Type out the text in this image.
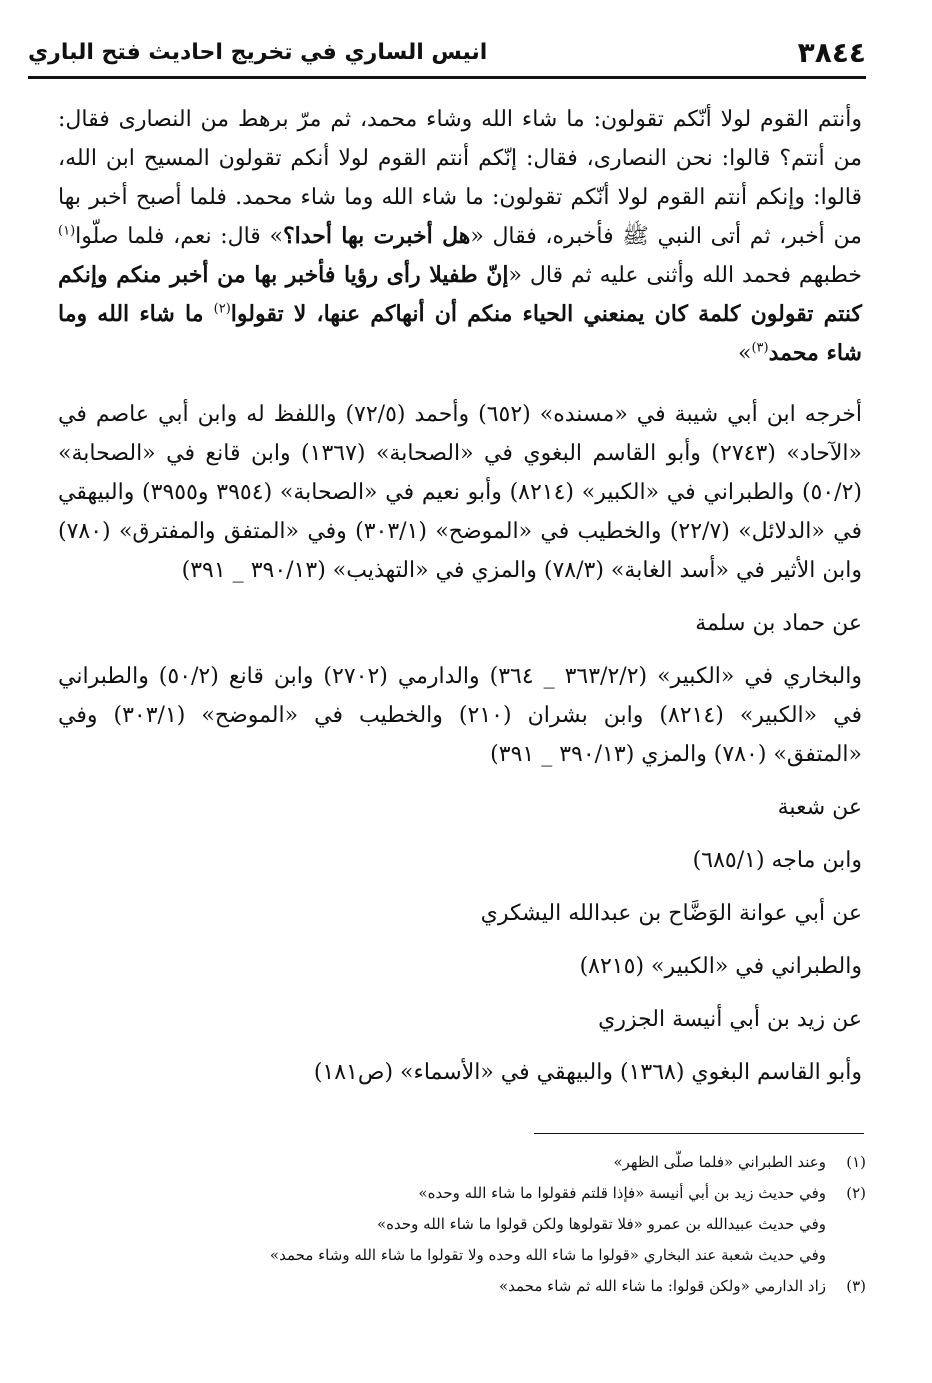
٣٨٤٤
انيس الساري في تخريج احاديث فتح الباري

وأنتم القوم لولا أنّكم تقولون: ما شاء الله وشاء محمد، ثم مرّ برهط من النصارى فقال: من أنتم؟ قالوا: نحن النصارى، فقال: إنّكم أنتم القوم لولا أنكم تقولون المسيح ابن الله، قالوا: وإنكم أنتم القوم لولا أنّكم تقولون: ما شاء الله وما شاء محمد. فلما أصبح أخبر بها من أخبر، ثم أتى النبي ﷺ فأخبره، فقال «هل أخبرت بها أحدا؟» قال: نعم، فلما صلّوا$^{(١)}$ خطبهم فحمد الله وأثنى عليه ثم قال «إنّ طفيلا رأى رؤيا فأخبر بها من أخبر منكم وإنكم كنتم تقولون كلمة كان يمنعني الحياء منكم أن أنهاكم عنها، لا تقولوا$^{(٢)}$ ما شاء الله وما شاء محمد$^{(٣)}$»

أخرجه ابن أبي شيبة في «مسنده» (٦٥٢) وأحمد (٧٢/٥) واللفظ له وابن أبي عاصم في «الآحاد» (٢٧٤٣) وأبو القاسم البغوي في «الصحابة» (١٣٦٧) وابن قانع في «الصحابة» (٥٠/٢) والطبراني في «الكبير» (٨٢١٤) وأبو نعيم في «الصحابة» (٣٩٥٤ و٣٩٥٥) والبيهقي في «الدلائل» (٢٢/٧) والخطيب في «الموضح» (٣٠٣/١) وفي «المتفق والمفترق» (٧٨٠) وابن الأثير في «أسد الغابة» (٧٨/٣) والمزي في «التهذيب» (٣٩٠/١٣ _ ٣٩١)

عن حماد بن سلمة

والبخاري في «الكبير» (٣٦٣/٢/٢ _ ٣٦٤) والدارمي (٢٧٠٢) وابن قانع (٥٠/٢) والطبراني في «الكبير» (٨٢١٤) وابن بشران (٢١٠) والخطيب في «الموضح» (٣٠٣/١) وفي «المتفق» (٧٨٠) والمزي (٣٩٠/١٣ _ ٣٩١)

عن شعبة

وابن ماجه (٦٨٥/١)

عن أبي عوانة الوَضَّاح بن عبدالله اليشكري

والطبراني في «الكبير» (٨٢١٥)

عن زيد بن أبي أنيسة الجزري

وأبو القاسم البغوي (١٣٦٨) والبيهقي في «الأسماء» (ص١٨١)

(١)
وعند الطبراني «فلما صلّى الظهر»
(٢)
وفي حديث زيد بن أبي أنيسة «فإذا قلتم فقولوا ما شاء الله وحده»
وفي حديث عبيدالله بن عمرو «فلا تقولوها ولكن قولوا ما شاء الله وحده»
وفي حديث شعبة عند البخاري «قولوا ما شاء الله وحده ولا تقولوا ما شاء الله وشاء محمد»
(٣)
زاد الدارمي «ولكن قولوا: ما شاء الله ثم شاء محمد»
